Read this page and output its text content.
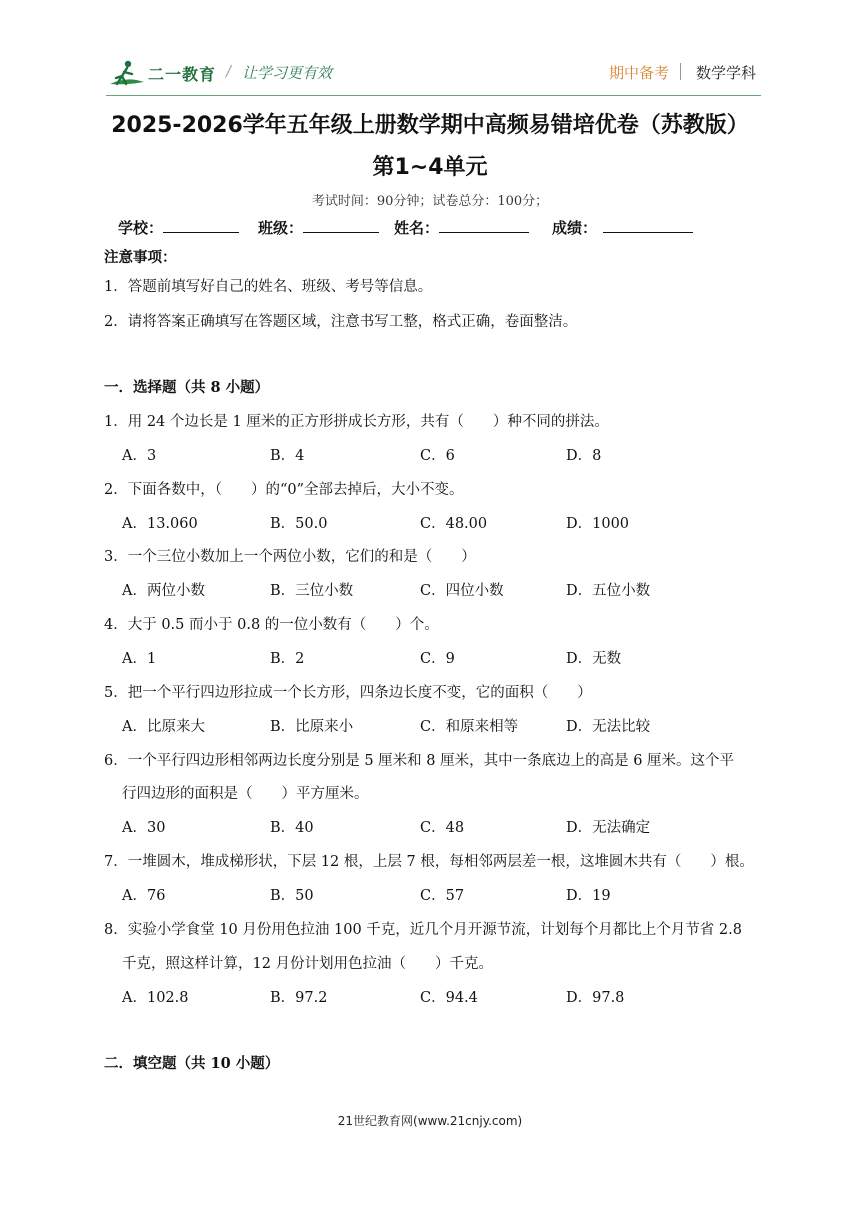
二一教育 / 让学习更有效	期中备考 数学学科
2025-2026学年五年级上册数学期中高频易错培优卷（苏教版）
第1~4单元
考试时间：90分钟；试卷总分：100分；
学校：	班级：	姓名：	成绩：
注意事项：
1．答题前填写好自己的姓名、班级、考号等信息。
2．请将答案正确填写在答题区域，注意书写工整，格式正确，卷面整洁。
一．选择题（共 8 小题）
1．用 24 个边长是 1 厘米的正方形拼成长方形，共有（　　）种不同的拼法。
A．3	B．4	C．6	D．8
2．下面各数中，（　　）的“0”全部去掉后，大小不变。
A．13.060	B．50.0	C．48.00	D．1000
3．一个三位小数加上一个两位小数，它们的和是（　　）
A．两位小数	B．三位小数	C．四位小数	D．五位小数
4．大于 0.5 而小于 0.8 的一位小数有（　　）个。
A．1	B．2	C．9	D．无数
5．把一个平行四边形拉成一个长方形，四条边长度不变，它的面积（　　）
A．比原来大	B．比原来小	C．和原来相等	D．无法比较
6．一个平行四边形相邻两边长度分别是 5 厘米和 8 厘米，其中一条底边上的高是 6 厘米。这个平
行四边形的面积是（　　）平方厘米。
A．30	B．40	C．48	D．无法确定
7．一堆圆木，堆成梯形状，下层 12 根，上层 7 根，每相邻两层差一根，这堆圆木共有（　　）根。
A．76	B．50	C．57	D．19
8．实验小学食堂 10 月份用色拉油 100 千克，近几个月开源节流，计划每个月都比上个月节省 2.8
千克，照这样计算，12 月份计划用色拉油（　　）千克。
A．102.8	B．97.2	C．94.4	D．97.8
二．填空题（共 10 小题）
21世纪教育网(www.21cnjy.com)
